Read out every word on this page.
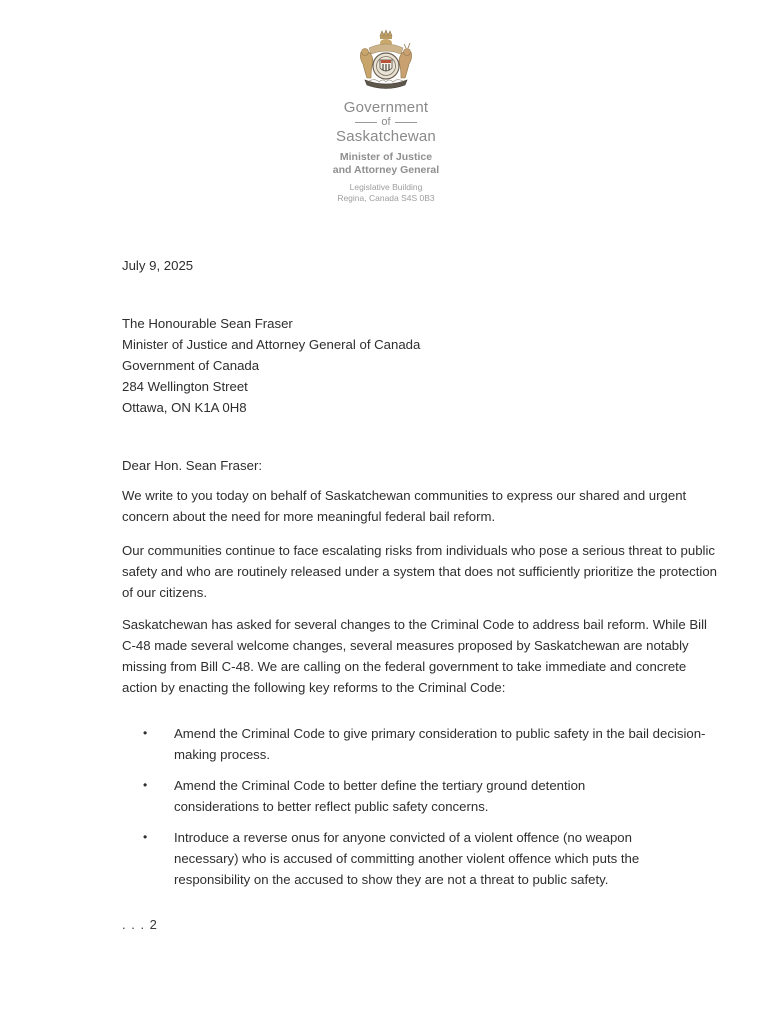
Government
of
Saskatchewan
Minister of Justice
and Attorney General
Legislative Building
Regina, Canada S4S 0B3
July 9, 2025
The Honourable Sean Fraser
Minister of Justice and Attorney General of Canada
Government of Canada
284 Wellington Street
Ottawa, ON K1A 0H8
Dear Hon. Sean Fraser:
We write to you today on behalf of Saskatchewan communities to express our shared and urgent concern about the need for more meaningful federal bail reform.
Our communities continue to face escalating risks from individuals who pose a serious threat to public safety and who are routinely released under a system that does not sufficiently prioritize the protection of our citizens.
Saskatchewan has asked for several changes to the Criminal Code to address bail reform. While Bill C-48 made several welcome changes, several measures proposed by Saskatchewan are notably missing from Bill C-48. We are calling on the federal government to take immediate and concrete action by enacting the following key reforms to the Criminal Code:
• Amend the Criminal Code to give primary consideration to public safety in the bail decision-making process.
• Amend the Criminal Code to better define the tertiary ground detention considerations to better reflect public safety concerns.
• Introduce a reverse onus for anyone convicted of a violent offence (no weapon necessary) who is accused of committing another violent offence which puts the responsibility on the accused to show they are not a threat to public safety.
. . . 2
